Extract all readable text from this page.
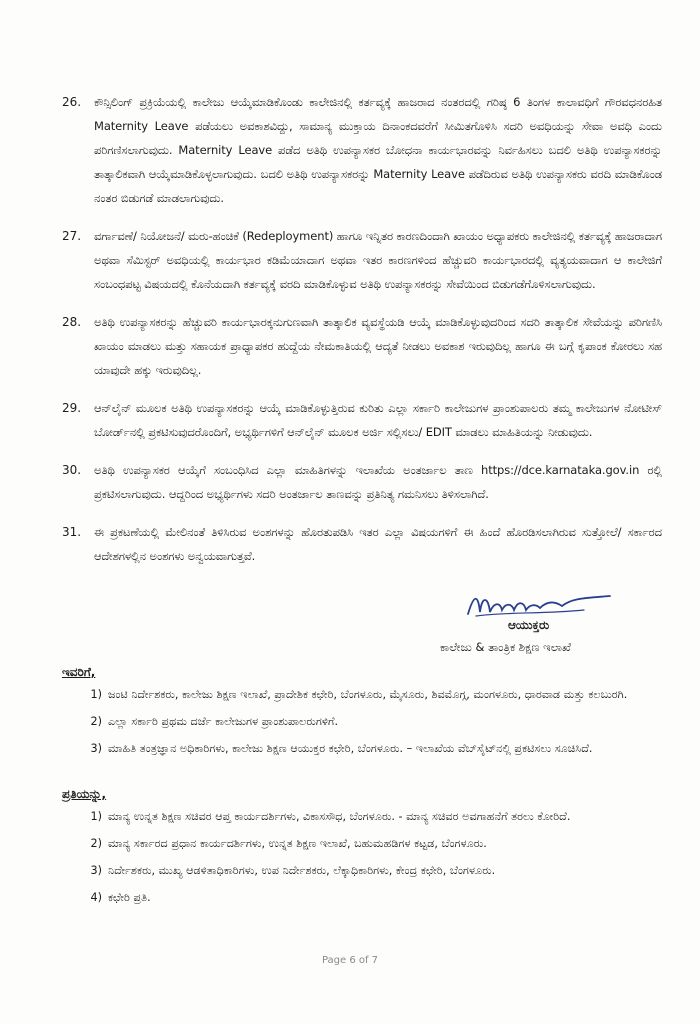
26.	ಕೌನ್ಸಿಲಿಂಗ್ ಪ್ರಕ್ರಿಯೆಯಲ್ಲಿ ಕಾಲೇಜು ಆಯ್ಕೆಮಾಡಿಕೊಂಡು ಕಾಲೇಜಿನಲ್ಲಿ ಕರ್ತವ್ಯಕ್ಕೆ ಹಾಜರಾದ ನಂತರದಲ್ಲಿ ಗರಿಷ್ಠ 6 ತಿಂಗಳ ಕಾಲಾವಧಿಗೆ ಗೌರವಧನರಹಿತ Maternity Leave ಪಡೆಯಲು ಅವಕಾಶವಿದ್ದು, ಸಾಮಾನ್ಯ ಮುಕ್ತಾಯ ದಿನಾಂಕದವರೆಗೆ ಸೀಮಿತಗೊಳಿಸಿ ಸದರಿ ಅವಧಿಯನ್ನು ಸೇವಾ ಅವಧಿ ಎಂದು ಪರಿಗಣಿಸಲಾಗುವುದು. Maternity Leave ಪಡೆದ ಅತಿಥಿ ಉಪನ್ಯಾಸಕರ ಬೋಧನಾ ಕಾರ್ಯಭಾರವನ್ನು ನಿರ್ವಹಿಸಲು ಬದಲಿ ಅತಿಥಿ ಉಪನ್ಯಾಸಕರನ್ನು ತಾತ್ಕಾಲಿಕವಾಗಿ ಆಯ್ಕೆಮಾಡಿಕೊಳ್ಳಲಾಗುವುದು. ಬದಲಿ ಅತಿಥಿ ಉಪನ್ಯಾಸಕರನ್ನು Maternity Leave ಪಡೆದಿರುವ ಅತಿಥಿ ಉಪನ್ಯಾಸಕರು ವರದಿ ಮಾಡಿಕೊಂಡ ನಂತರ ಬಿಡುಗಡೆ ಮಾಡಲಾಗುವುದು.
27.	ವರ್ಗಾವಣೆ/ ನಿಯೋಜನೆ/ ಮರು-ಹಂಚಿಕೆ (Redeployment) ಹಾಗೂ ಇನ್ನಿತರ ಕಾರಣದಿಂದಾಗಿ ಖಾಯಂ ಅಧ್ಯಾಪಕರು ಕಾಲೇಜಿನಲ್ಲಿ ಕರ್ತವ್ಯಕ್ಕೆ ಹಾಜರಾದಾಗ ಅಥವಾ ಸೆಮಿಸ್ಟರ್ ಅವಧಿಯಲ್ಲಿ ಕಾರ್ಯಭಾರ ಕಡಿಮೆಯಾದಾಗ ಅಥವಾ ಇತರ ಕಾರಣಗಳಿಂದ ಹೆಚ್ಚುವರಿ ಕಾರ್ಯಭಾರದಲ್ಲಿ ವ್ಯತ್ಯಯವಾದಾಗ ಆ ಕಾಲೇಜಿಗೆ ಸಂಬಂಧಪಟ್ಟ ವಿಷಯದಲ್ಲಿ ಕೊನೆಯದಾಗಿ ಕರ್ತವ್ಯಕ್ಕೆ ವರದಿ ಮಾಡಿಕೊಳ್ಳುವ ಅತಿಥಿ ಉಪನ್ಯಾಸಕರನ್ನು ಸೇವೆಯಿಂದ ಬಿಡುಗಡೆಗೊಳಿಸಲಾಗುವುದು.
28.	ಅತಿಥಿ ಉಪನ್ಯಾಸಕರನ್ನು ಹೆಚ್ಚುವರಿ ಕಾರ್ಯಭಾರಕ್ಕನುಗುಣವಾಗಿ ತಾತ್ಕಾಲಿಕ ವ್ಯವಸ್ಥೆಯಡಿ ಆಯ್ಕೆ ಮಾಡಿಕೊಳ್ಳುವುದರಿಂದ ಸದರಿ ತಾತ್ಕಾಲಿಕ ಸೇವೆಯನ್ನು ಪರಿಗಣಿಸಿ ಖಾಯಂ ಮಾಡಲು ಮತ್ತು ಸಹಾಯಕ ಪ್ರಾಧ್ಯಾಪಕರ ಹುದ್ದೆಯ ನೇಮಕಾತಿಯಲ್ಲಿ ಆದ್ಯತೆ ನೀಡಲು ಅವಕಾಶ ಇರುವುದಿಲ್ಲ ಹಾಗೂ ಈ ಬಗ್ಗೆ ಕೃಪಾಂಕ ಕೋರಲು ಸಹ ಯಾವುದೇ ಹಕ್ಕು ಇರುವುದಿಲ್ಲ.
29.	ಆನ್‌ಲೈನ್ ಮೂಲಕ ಅತಿಥಿ ಉಪನ್ಯಾಸಕರನ್ನು ಆಯ್ಕೆ ಮಾಡಿಕೊಳ್ಳುತ್ತಿರುವ ಕುರಿತು ಎಲ್ಲಾ ಸರ್ಕಾರಿ ಕಾಲೇಜುಗಳ ಪ್ರಾಂಶುಪಾಲರು ತಮ್ಮ ಕಾಲೇಜುಗಳ ನೋಟೀಸ್ ಬೋರ್ಡ್‌ನಲ್ಲಿ ಪ್ರಕಟಿಸುವುದರೊಂದಿಗೆ, ಅಭ್ಯರ್ಥಿಗಳಿಗೆ ಆನ್‌ಲೈನ್ ಮೂಲಕ ಅರ್ಜಿ ಸಲ್ಲಿಸಲು/ EDIT ಮಾಡಲು ಮಾಹಿತಿಯನ್ನು ನೀಡುವುದು.
30.	ಅತಿಥಿ ಉಪನ್ಯಾಸಕರ ಆಯ್ಕೆಗೆ ಸಂಬಂಧಿಸಿದ ಎಲ್ಲಾ ಮಾಹಿತಿಗಳನ್ನು ಇಲಾಖೆಯ ಅಂತರ್ಜಾಲ ತಾಣ https://dce.karnataka.gov.in ರಲ್ಲಿ ಪ್ರಕಟಿಸಲಾಗುವುದು. ಆದ್ದರಿಂದ ಅಭ್ಯರ್ಥಿಗಳು ಸದರಿ ಅಂತರ್ಜಾಲ ತಾಣವನ್ನು ಪ್ರತಿನಿತ್ಯ ಗಮನಿಸಲು ತಿಳಿಸಲಾಗಿದೆ.
31.	ಈ ಪ್ರಕಟಣೆಯಲ್ಲಿ ಮೇಲಿನಂತೆ ತಿಳಿಸಿರುವ ಅಂಶಗಳನ್ನು ಹೊರತುಪಡಿಸಿ ಇತರ ಎಲ್ಲಾ ವಿಷಯಗಳಿಗೆ ಈ ಹಿಂದೆ ಹೊರಡಿಸಲಾಗಿರುವ ಸುತ್ತೋಲೆ/ ಸರ್ಕಾರದ ಆದೇಶಗಳಲ್ಲಿನ ಅಂಶಗಳು ಅನ್ವಯವಾಗುತ್ತವೆ.
ಆಯುಕ್ತರು
ಕಾಲೇಜು & ತಾಂತ್ರಿಕ ಶಿಕ್ಷಣ ಇಲಾಖೆ
ಇವರಿಗೆ,
1) ಜಂಟಿ ನಿರ್ದೇಶಕರು, ಕಾಲೇಜು ಶಿಕ್ಷಣ ಇಲಾಖೆ, ಪ್ರಾದೇಶಿಕ ಕಛೇರಿ, ಬೆಂಗಳೂರು, ಮೈಸೂರು, ಶಿವಮೊಗ್ಗ, ಮಂಗಳೂರು, ಧಾರವಾಡ ಮತ್ತು ಕಲಬುರಗಿ.
2) ಎಲ್ಲಾ ಸರ್ಕಾರಿ ಪ್ರಥಮ ದರ್ಜೆ ಕಾಲೇಜುಗಳ ಪ್ರಾಂಶುಪಾಲರುಗಳಿಗೆ.
3) ಮಾಹಿತಿ ತಂತ್ರಜ್ಞಾನ ಅಧಿಕಾರಿಗಳು, ಕಾಲೇಜು ಶಿಕ್ಷಣ ಆಯುಕ್ತರ ಕಛೇರಿ, ಬೆಂಗಳೂರು. – ಇಲಾಖೆಯ ವೆಬ್‌ಸೈಟ್‌ನಲ್ಲಿ ಪ್ರಕಟಿಸಲು ಸೂಚಿಸಿದೆ.
ಪ್ರತಿಯನ್ನು,
1) ಮಾನ್ಯ ಉನ್ನತ ಶಿಕ್ಷಣ ಸಚಿವರ ಆಪ್ತ ಕಾರ್ಯದರ್ಶಿಗಳು, ವಿಕಾಸಸೌಧ, ಬೆಂಗಳೂರು. - ಮಾನ್ಯ ಸಚಿವರ ಅವಗಾಹನೆಗೆ ತರಲು ಕೋರಿದೆ.
2) ಮಾನ್ಯ ಸರ್ಕಾರದ ಪ್ರಧಾನ ಕಾರ್ಯದರ್ಶಿಗಳು, ಉನ್ನತ ಶಿಕ್ಷಣ ಇಲಾಖೆ, ಬಹುಮಹಡಿಗಳ ಕಟ್ಟಡ, ಬೆಂಗಳೂರು.
3) ನಿರ್ದೇಶಕರು, ಮುಖ್ಯ ಆಡಳಿತಾಧಿಕಾರಿಗಳು, ಉಪ ನಿರ್ದೇಶಕರು, ಲೆಕ್ಕಾಧಿಕಾರಿಗಳು, ಕೇಂದ್ರ ಕಛೇರಿ, ಬೆಂಗಳೂರು.
4) ಕಛೇರಿ ಪ್ರತಿ.
Page 6 of 7
